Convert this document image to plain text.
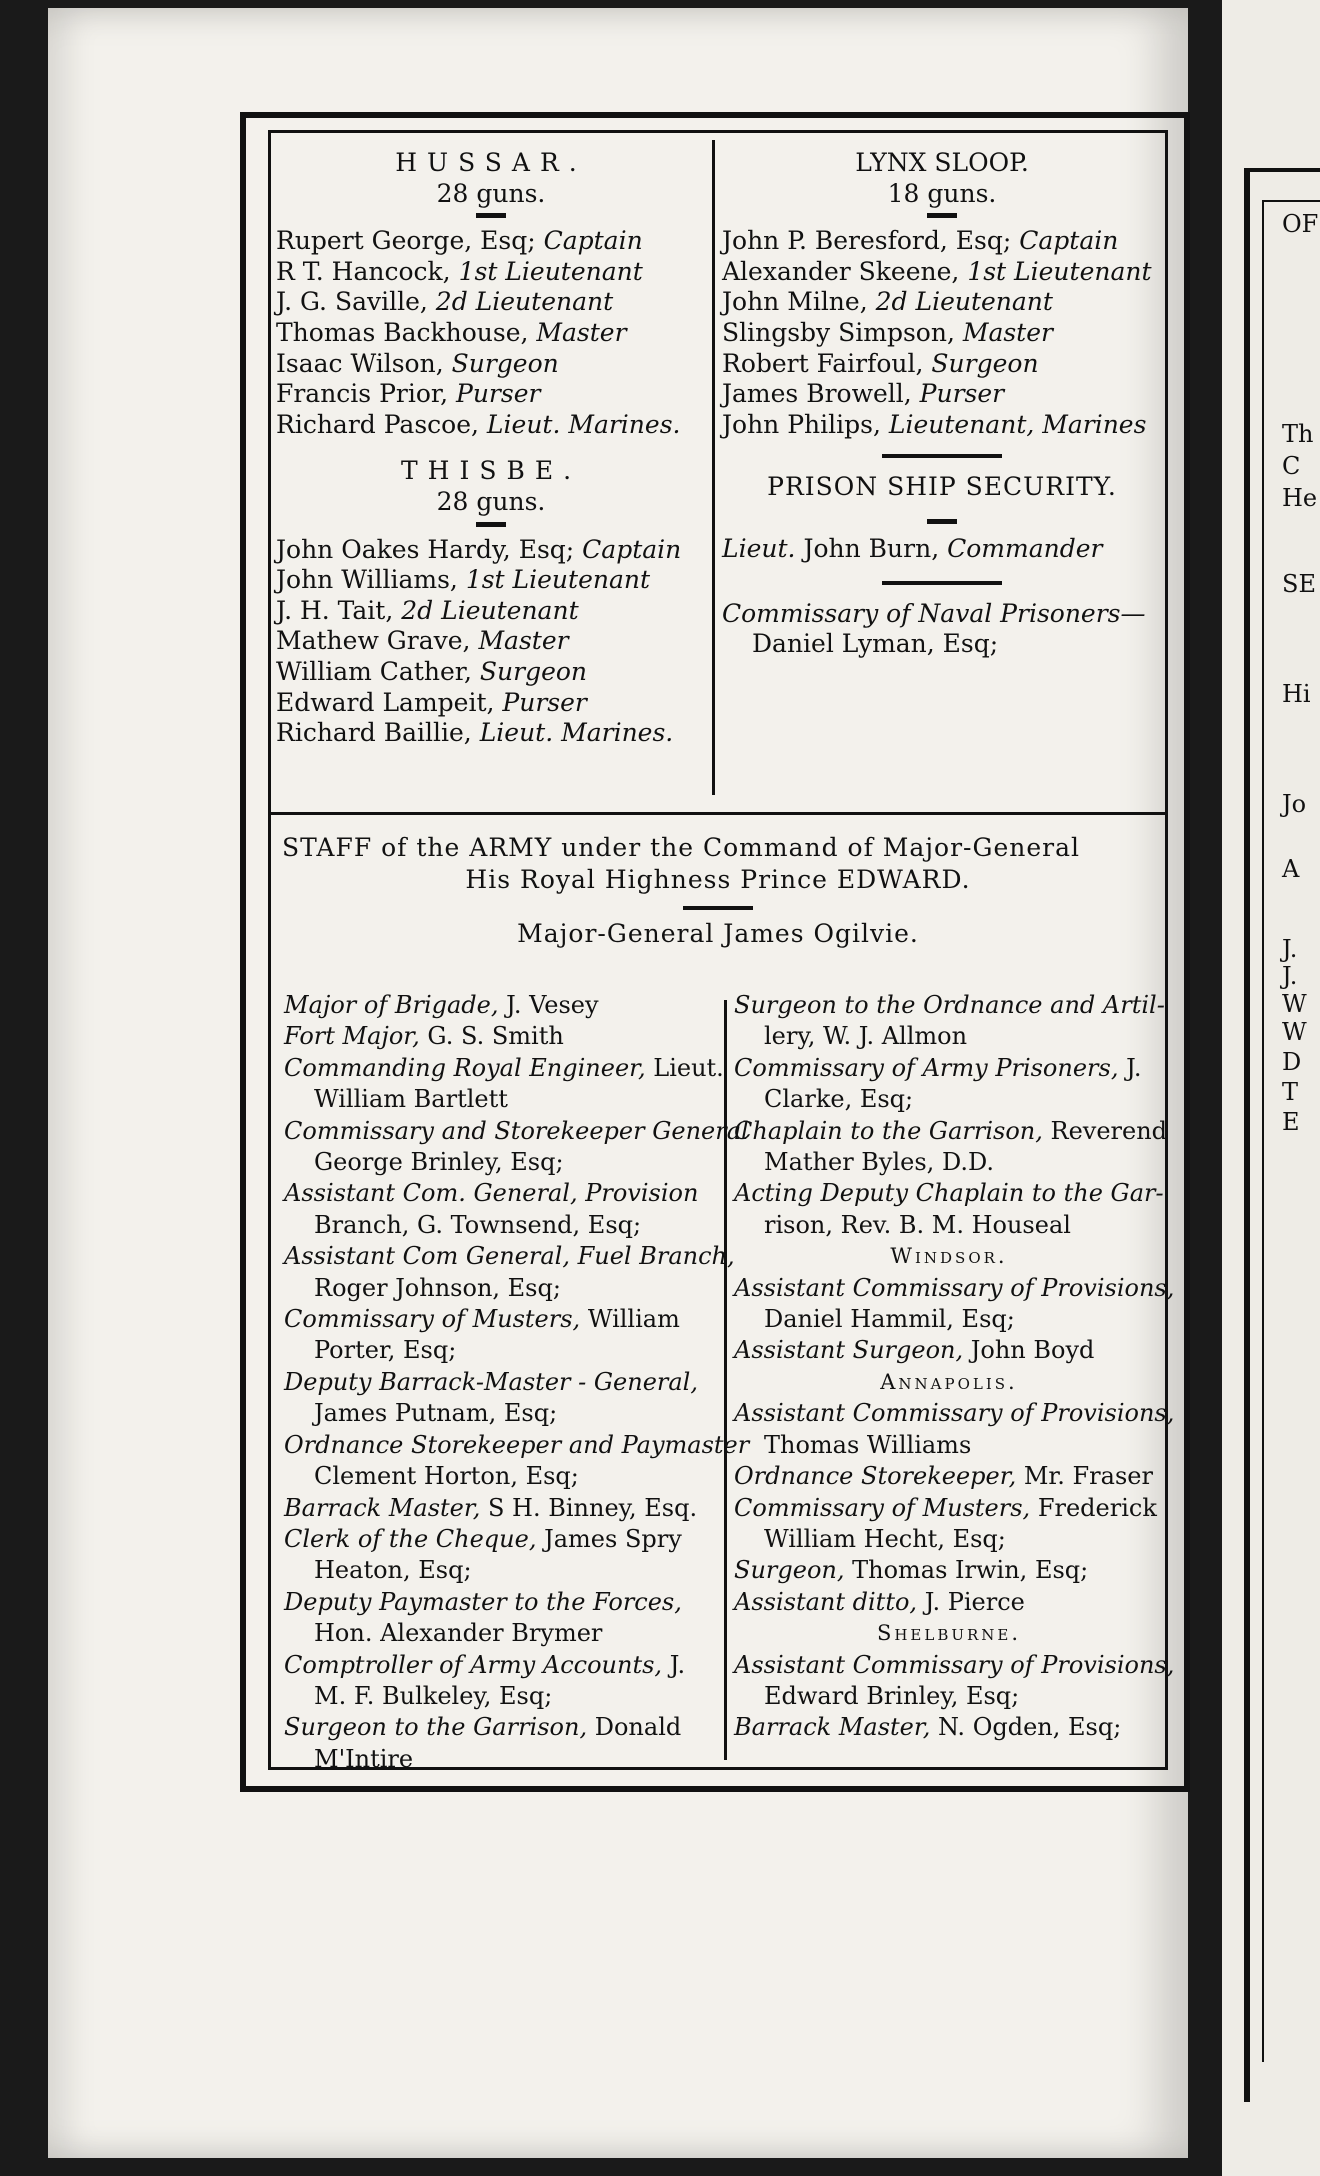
OF
Th
C
He
SE
Hi
Jo
A
J.
J.
W
W
D
T
E
HUSSAR.
28 guns.
Rupert George, Esq; Captain
R T. Hancock, 1st Lieutenant
J. G. Saville, 2d Lieutenant
Thomas Backhouse, Master
Isaac Wilson, Surgeon
Francis Prior, Purser
Richard Pascoe, Lieut. Marines.
THISBE.
28 guns.
John Oakes Hardy, Esq; Captain
John Williams, 1st Lieutenant
J. H. Tait, 2d Lieutenant
Mathew Grave, Master
William Cather, Surgeon
Edward Lampeit, Purser
Richard Baillie, Lieut. Marines.
LYNX SLOOP.
18 guns.
John P. Beresford, Esq; Captain
Alexander Skeene, 1st Lieutenant
John Milne, 2d Lieutenant
Slingsby Simpson, Master
Robert Fairfoul, Surgeon
James Browell, Purser
John Philips, Lieutenant, Marines
PRISON SHIP SECURITY.
Lieut. John Burn, Commander
Commissary of Naval Prisoners—
Daniel Lyman, Esq;
STAFF of the ARMY under the Command of Major-General
His Royal Highness Prince EDWARD.
Major-General James Ogilvie.
Major of Brigade, J. Vesey
Fort Major, G. S. Smith
Commanding Royal Engineer, Lieut.
William Bartlett
Commissary and Storekeeper General
George Brinley, Esq;
Assistant Com. General, Provision
Branch, G. Townsend, Esq;
Assistant Com General, Fuel Branch,
Roger Johnson, Esq;
Commissary of Musters, William
Porter, Esq;
Deputy Barrack-Master - General,
James Putnam, Esq;
Ordnance Storekeeper and Paymaster
Clement Horton, Esq;
Barrack Master, S H. Binney, Esq.
Clerk of the Cheque, James Spry
Heaton, Esq;
Deputy Paymaster to the Forces,
Hon. Alexander Brymer
Comptroller of Army Accounts, J.
M. F. Bulkeley, Esq;
Surgeon to the Garrison, Donald
M'Intire
Surgeon to the Ordnance and Artil-
lery, W. J. Allmon
Commissary of Army Prisoners, J.
Clarke, Esq;
Chaplain to the Garrison, Reverend
Mather Byles, D.D.
Acting Deputy Chaplain to the Gar-
rison, Rev. B. M. Houseal
Windsor.
Assistant Commissary of Provisions,
Daniel Hammil, Esq;
Assistant Surgeon, John Boyd
Annapolis.
Assistant Commissary of Provisions,
Thomas Williams
Ordnance Storekeeper, Mr. Fraser
Commissary of Musters, Frederick
William Hecht, Esq;
Surgeon, Thomas Irwin, Esq;
Assistant ditto, J. Pierce
Shelburne.
Assistant Commissary of Provisions,
Edward Brinley, Esq;
Barrack Master, N. Ogden, Esq;
